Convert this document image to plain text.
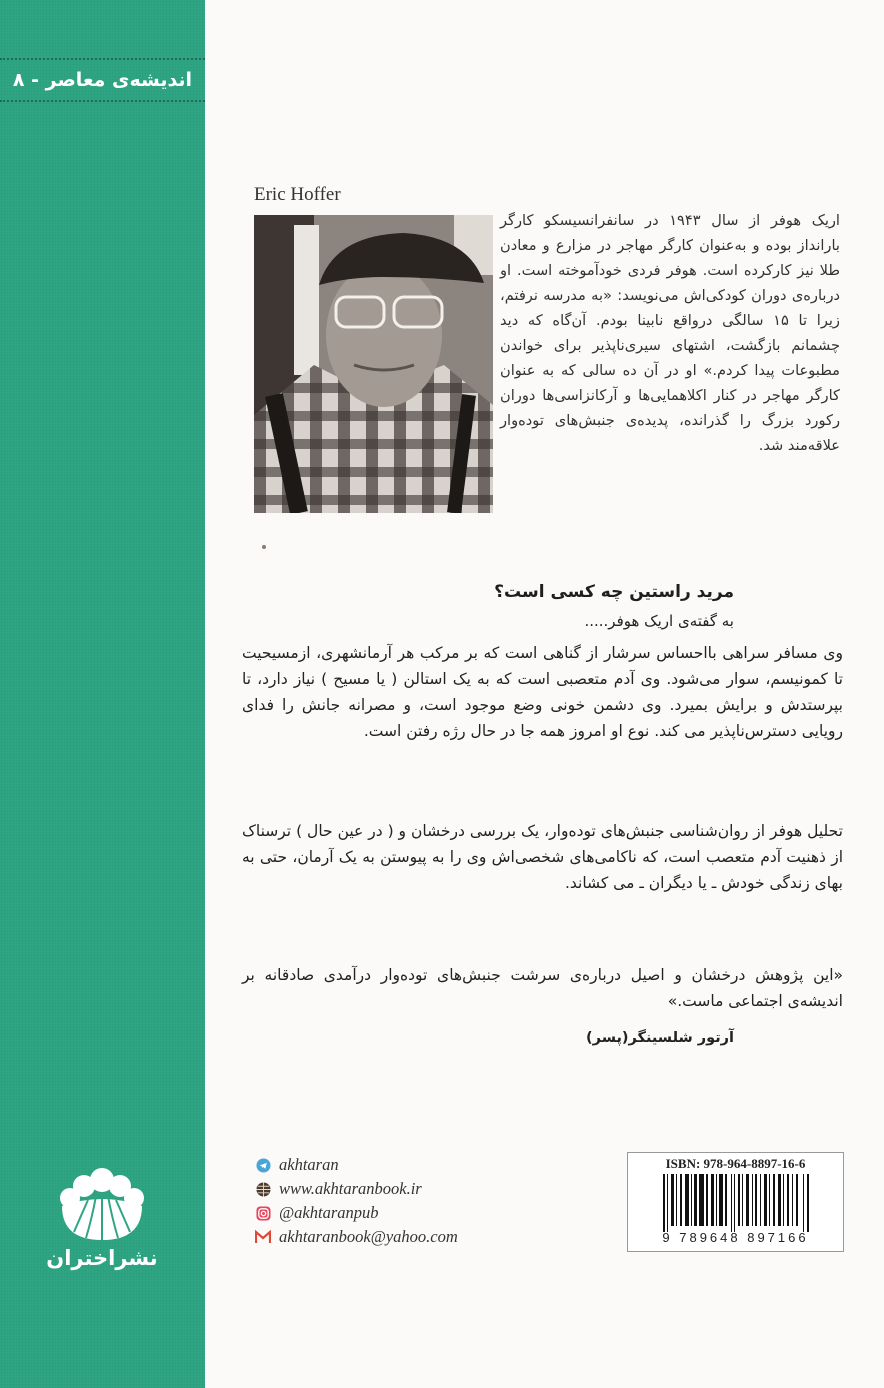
اندیشه‌ی معاصر - ۸
نشراختران
Eric Hoffer
اریک هوفر از سال ۱۹۴۳ در سانفرانسیسکو کارگر بارانداز بوده و به‌عنوان کارگر مهاجر در مزارع و معادن طلا نیز کارکرده است. هوفر فردی خودآموخته است. او درباره‌ی دوران کودکی‌اش می‌نویسد: «به مدرسه نرفتم، زیرا تا ۱۵ سالگی درواقع نابینا بودم. آن‌گاه که دید چشمانم بازگشت، اشتهای سیری‌ناپذیر برای خواندن مطبوعات پیدا کردم.» او در آن ده سالی که به عنوان کارگر مهاجر در کنار اکلاهمایی‌ها و آرکانزاسی‌ها دوران رکورد بزرگ را گذرانده، پدیده‌ی جنبش‌های توده‌وار علاقه‌مند شد.
مرید راستین چه کسی است؟
به گفته‌ی اریک هوفر.....
وی مسافر سراهی بااحساس سرشار از گناهی است که بر مرکب هر آرمانشهری، ازمسیحیت تا کمونیسم، سوار می‌شود. وی آدم متعصبی است که به یک استالن ( یا مسیح ) نیاز دارد، تا بپرستدش و برایش بمیرد. وی دشمن خونی وضع موجود است، و مصرانه جانش را فدای رویایی دسترس‌ناپذیر می کند. نوع او امروز همه جا در حال رژه رفتن است.
تحلیل هوفر از روان‌شناسی جنبش‌های توده‌وار، یک بررسی درخشان و ( در عین حال ) ترسناک از ذهنیت آدم متعصب است، که ناکامی‌های شخصی‌اش وی را به پیوستن به یک آرمان، حتی به بهای زندگی خودش ـ یا دیگران ـ می کشاند.
«این پژوهش درخشان و اصیل درباره‌ی سرشت جنبش‌های توده‌وار درآمدی صادقانه بر اندیشه‌ی اجتماعی ماست.»
آرتور شلسینگر(پسر)
akhtaran
www.akhtaranbook.ir
@akhtaranpub
akhtaranbook@yahoo.com
ISBN: 978-964-8897-16-6
9 789648 897166
